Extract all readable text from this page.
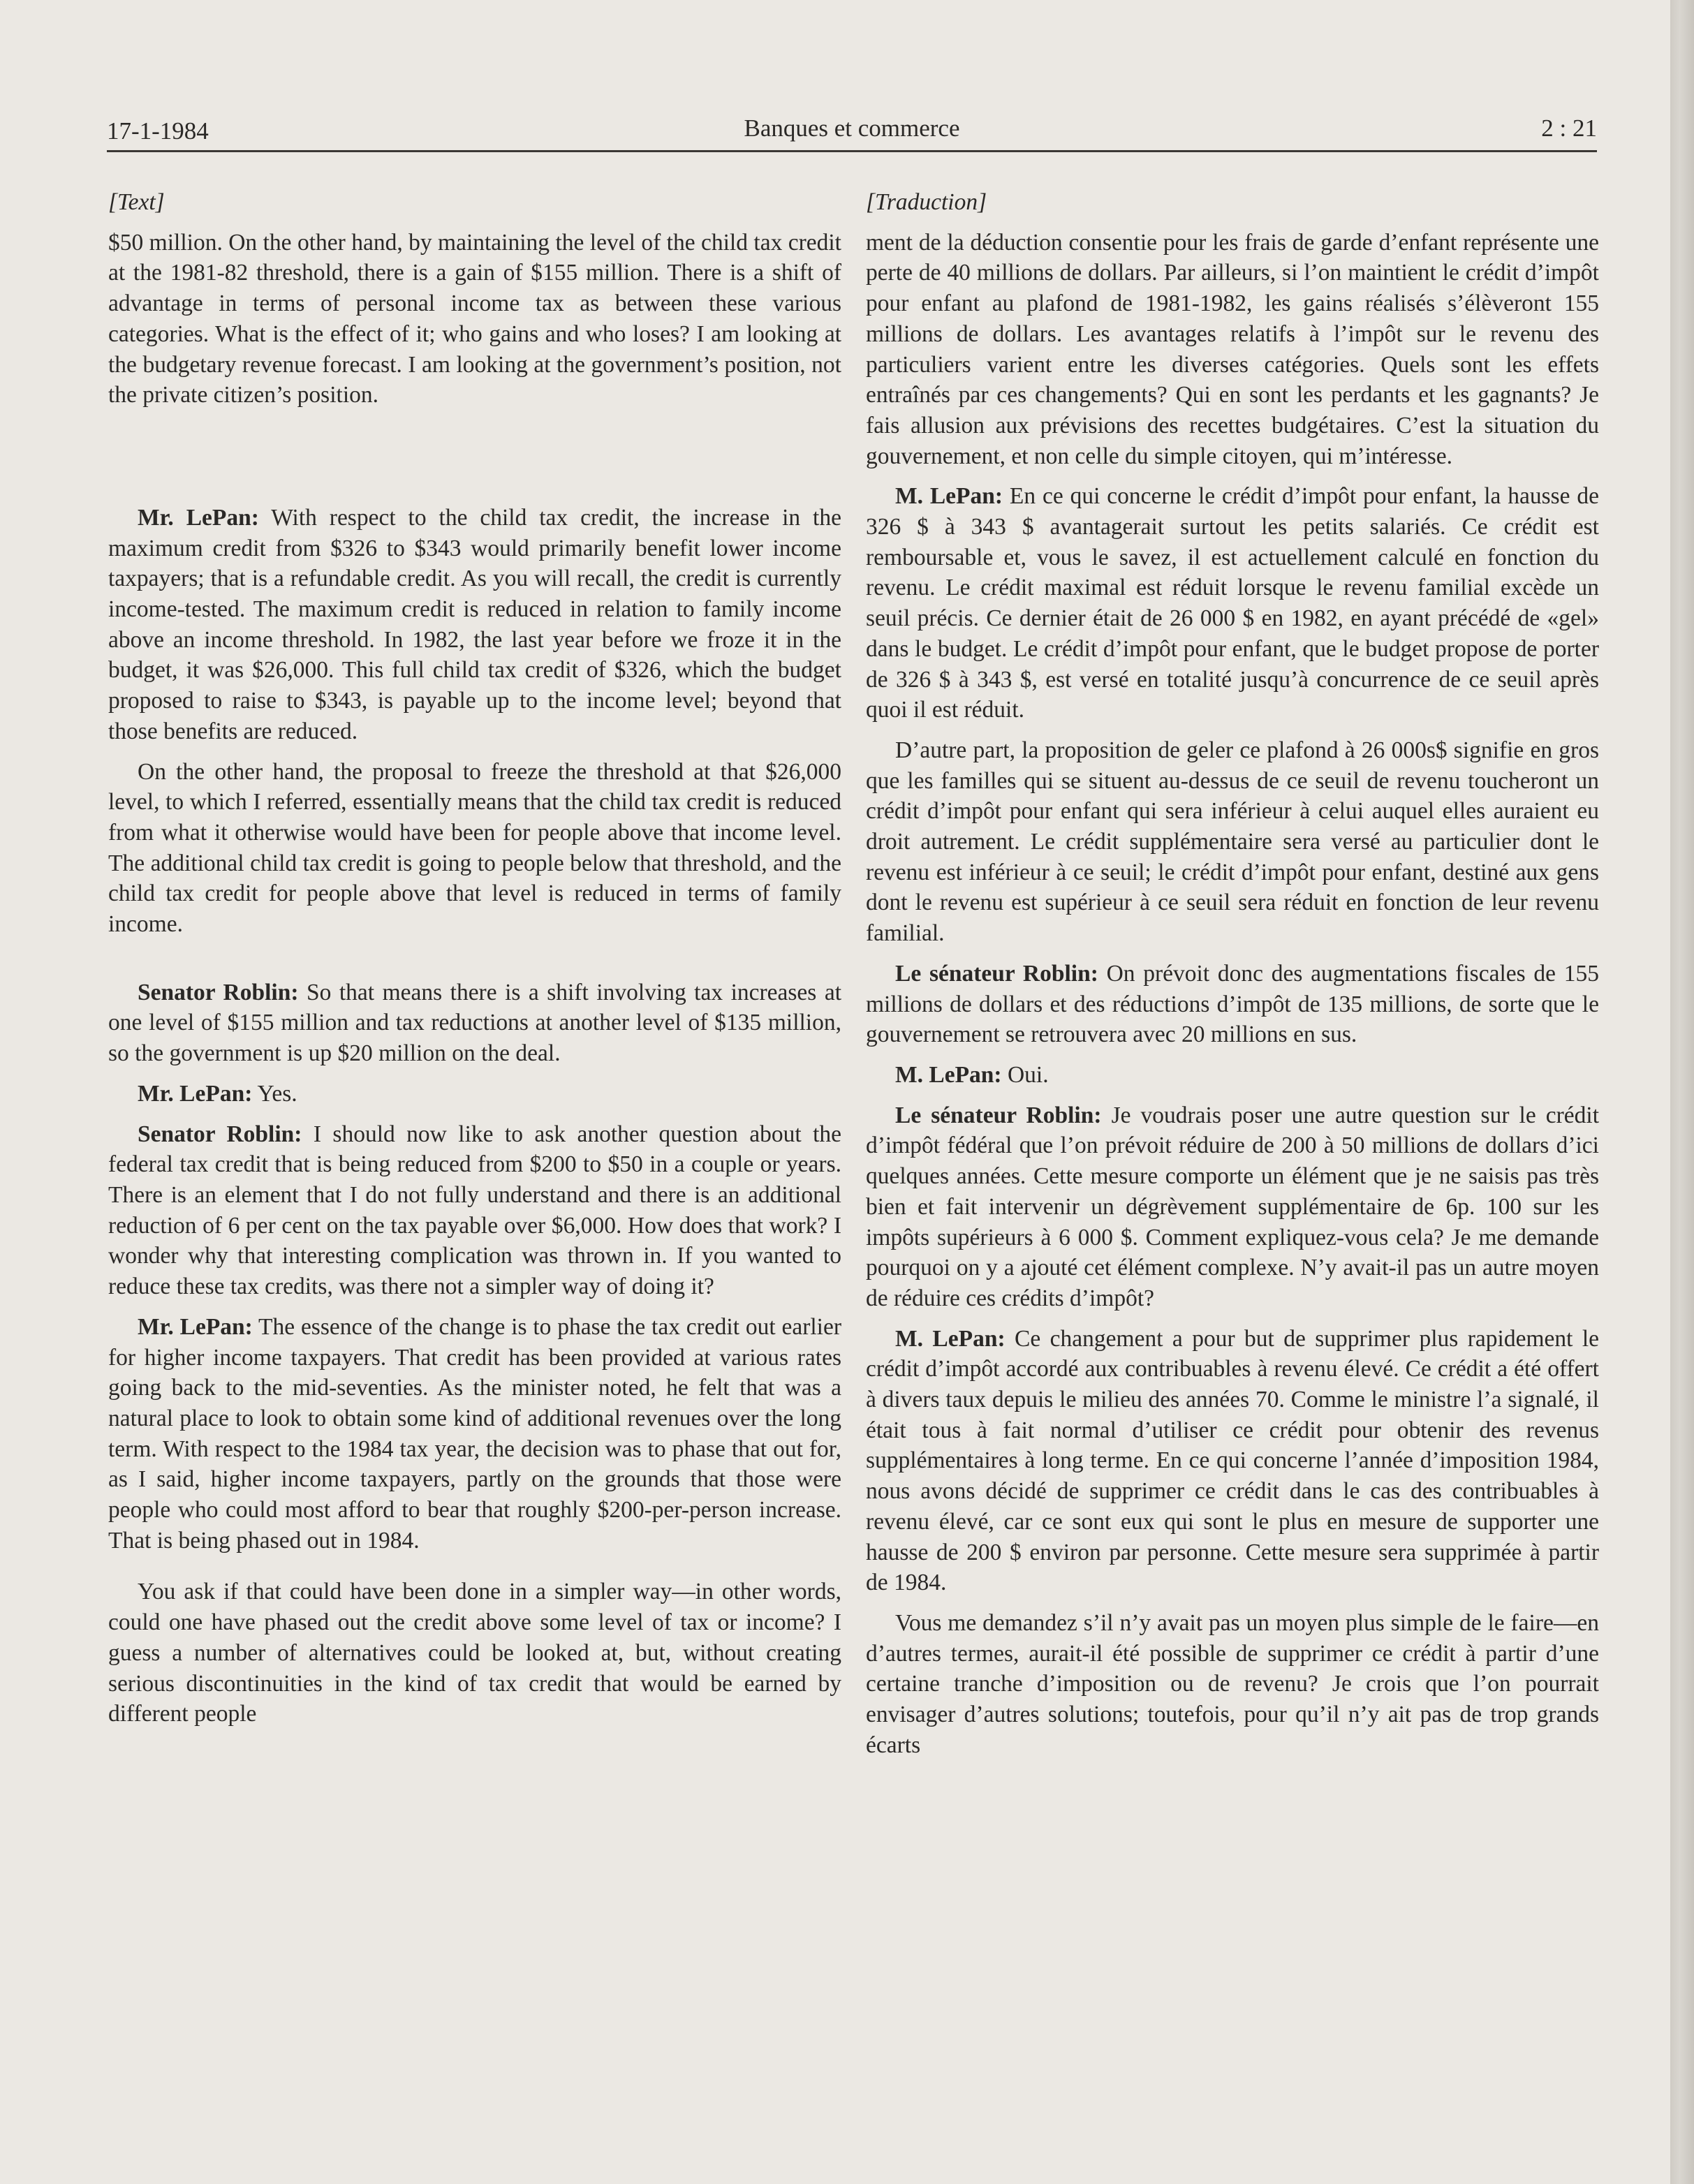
17-1-1984	Banques et commerce	2 : 21

[Text]

$50 million. On the other hand, by maintaining the level of the child tax credit at the 1981-82 threshold, there is a gain of $155 million. There is a shift of advantage in terms of personal income tax as between these various categories. What is the effect of it; who gains and who loses? I am looking at the budgetary revenue forecast. I am looking at the government’s position, not the private citizen’s position.

Mr. LePan: With respect to the child tax credit, the increase in the maximum credit from $326 to $343 would primarily benefit lower income taxpayers; that is a refundable credit. As you will recall, the credit is currently income-tested. The maximum credit is reduced in relation to family income above an income threshold. In 1982, the last year before we froze it in the budget, it was $26,000. This full child tax credit of $326, which the budget proposed to raise to $343, is payable up to the income level; beyond that those benefits are reduced.

On the other hand, the proposal to freeze the threshold at that $26,000 level, to which I referred, essentially means that the child tax credit is reduced from what it otherwise would have been for people above that income level. The additional child tax credit is going to people below that threshold, and the child tax credit for people above that level is reduced in terms of family income.

Senator Roblin: So that means there is a shift involving tax increases at one level of $155 million and tax reductions at another level of $135 million, so the government is up $20 million on the deal.

Mr. LePan: Yes.

Senator Roblin: I should now like to ask another question about the federal tax credit that is being reduced from $200 to $50 in a couple or years. There is an element that I do not fully understand and there is an additional reduction of 6 per cent on the tax payable over $6,000. How does that work? I wonder why that interesting complication was thrown in. If you wanted to reduce these tax credits, was there not a simpler way of doing it?

Mr. LePan: The essence of the change is to phase the tax credit out earlier for higher income taxpayers. That credit has been provided at various rates going back to the mid-seventies. As the minister noted, he felt that was a natural place to look to obtain some kind of additional revenues over the long term. With respect to the 1984 tax year, the decision was to phase that out for, as I said, higher income taxpayers, partly on the grounds that those were people who could most afford to bear that roughly $200-per-person increase. That is being phased out in 1984.

You ask if that could have been done in a simpler way—in other words, could one have phased out the credit above some level of tax or income? I guess a number of alternatives could be looked at, but, without creating serious discontinuities in the kind of tax credit that would be earned by different people

[Traduction]

ment de la déduction consentie pour les frais de garde d’enfant représente une perte de 40 millions de dollars. Par ailleurs, si l’on maintient le crédit d’impôt pour enfant au plafond de 1981-1982, les gains réalisés s’élèveront 155 millions de dollars. Les avantages relatifs à l’impôt sur le revenu des particuliers varient entre les diverses catégories. Quels sont les effets entraînés par ces changements? Qui en sont les perdants et les gagnants? Je fais allusion aux prévisions des recettes budgétaires. C’est la situation du gouvernement, et non celle du simple citoyen, qui m’intéresse.

M. LePan: En ce qui concerne le crédit d’impôt pour enfant, la hausse de 326 $ à 343 $ avantagerait surtout les petits salariés. Ce crédit est remboursable et, vous le savez, il est actuellement calculé en fonction du revenu. Le crédit maximal est réduit lorsque le revenu familial excède un seuil précis. Ce dernier était de 26 000 $ en 1982, en ayant précédé de «gel» dans le budget. Le crédit d’impôt pour enfant, que le budget propose de porter de 326 $ à 343 $, est versé en totalité jusqu’à concurrence de ce seuil après quoi il est réduit.

D’autre part, la proposition de geler ce plafond à 26 000s$ signifie en gros que les familles qui se situent au-dessus de ce seuil de revenu toucheront un crédit d’impôt pour enfant qui sera inférieur à celui auquel elles auraient eu droit autrement. Le crédit supplémentaire sera versé au particulier dont le revenu est inférieur à ce seuil; le crédit d’impôt pour enfant, destiné aux gens dont le revenu est supérieur à ce seuil sera réduit en fonction de leur revenu familial.

Le sénateur Roblin: On prévoit donc des augmentations fiscales de 155 millions de dollars et des réductions d’impôt de 135 millions, de sorte que le gouvernement se retrouvera avec 20 millions en sus.

M. LePan: Oui.

Le sénateur Roblin: Je voudrais poser une autre question sur le crédit d’impôt fédéral que l’on prévoit réduire de 200 à 50 millions de dollars d’ici quelques années. Cette mesure comporte un élément que je ne saisis pas très bien et fait intervenir un dégrèvement supplémentaire de 6p. 100 sur les impôts supérieurs à 6 000 $. Comment expliquez-vous cela? Je me demande pourquoi on y a ajouté cet élément complexe. N’y avait-il pas un autre moyen de réduire ces crédits d’impôt?

M. LePan: Ce changement a pour but de supprimer plus rapidement le crédit d’impôt accordé aux contribuables à revenu élevé. Ce crédit a été offert à divers taux depuis le milieu des années 70. Comme le ministre l’a signalé, il était tous à fait normal d’utiliser ce crédit pour obtenir des revenus supplémentaires à long terme. En ce qui concerne l’année d’imposition 1984, nous avons décidé de supprimer ce crédit dans le cas des contribuables à revenu élevé, car ce sont eux qui sont le plus en mesure de supporter une hausse de 200 $ environ par personne. Cette mesure sera supprimée à partir de 1984.

Vous me demandez s’il n’y avait pas un moyen plus simple de le faire—en d’autres termes, aurait-il été possible de supprimer ce crédit à partir d’une certaine tranche d’imposition ou de revenu? Je crois que l’on pourrait envisager d’autres solutions; toutefois, pour qu’il n’y ait pas de trop grands écarts
